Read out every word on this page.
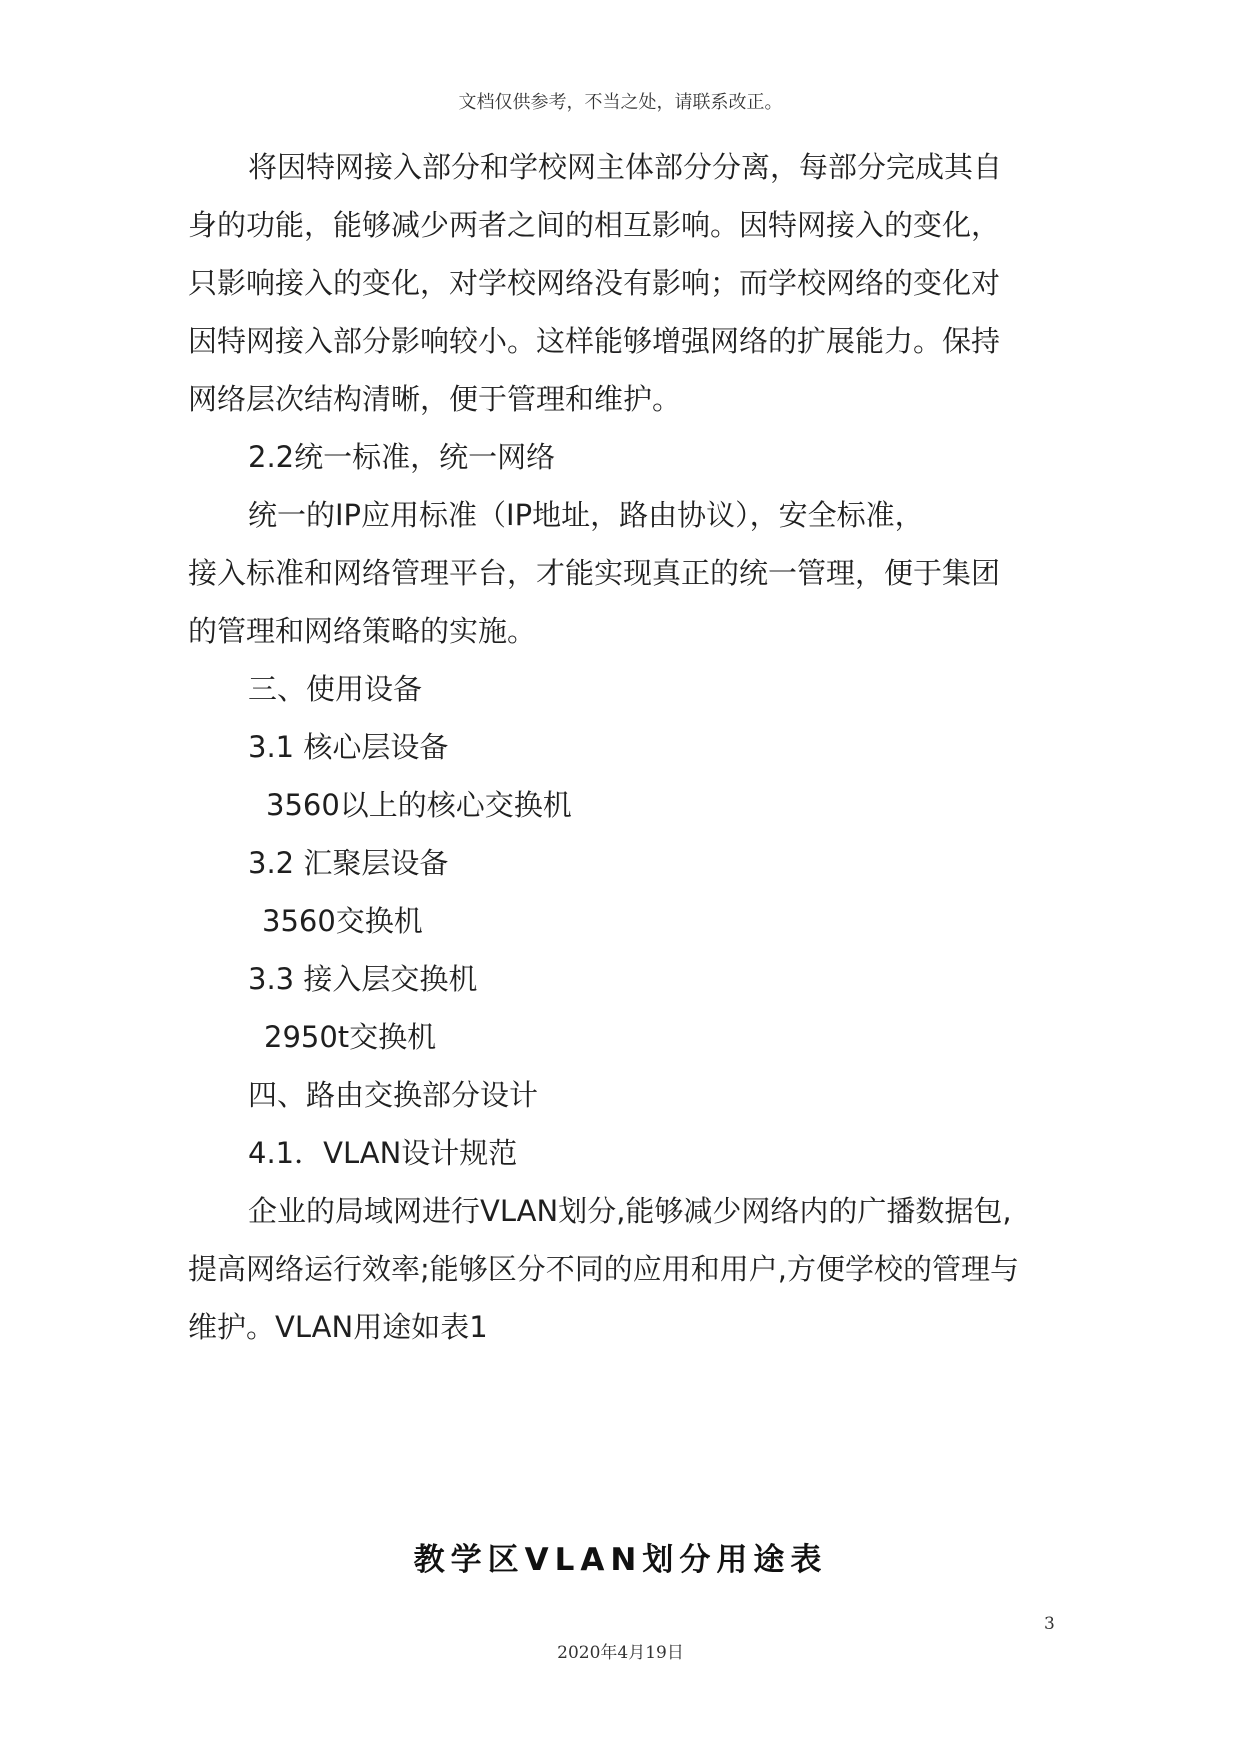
文档仅供参考，不当之处，请联系改正。
将因特网接入部分和学校网主体部分分离，每部分完成其自
身的功能，能够减少两者之间的相互影响。因特网接入的变化，
只影响接入的变化，对学校网络没有影响；而学校网络的变化对
因特网接入部分影响较小。这样能够增强网络的扩展能力。保持
网络层次结构清晰，便于管理和维护。
2.2统一标准，统一网络
统一的IP应用标准（IP地址，路由协议），安全标准，
接入标准和网络管理平台，才能实现真正的统一管理，便于集团
的管理和网络策略的实施。
三、使用设备
3.1 核心层设备
3560以上的核心交换机
3.2 汇聚层设备
3560交换机
3.3 接入层交换机
2950t交换机
四、路由交换部分设计
4.1．VLAN设计规范
企业的局域网进行VLAN划分,能够减少网络内的广播数据包,
提高网络运行效率;能够区分不同的应用和用户,方便学校的管理与
维护。VLAN用途如表1
教学区VLAN划分用途表
3
2020年4月19日
